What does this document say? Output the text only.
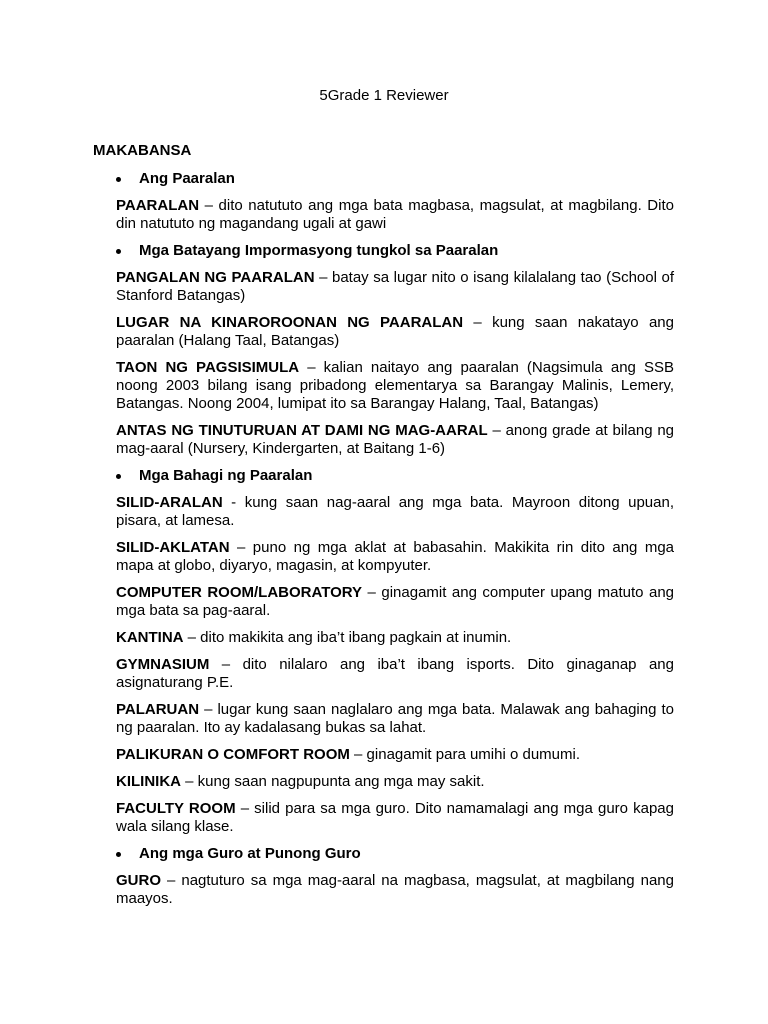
5Grade 1 Reviewer
MAKABANSA
Ang Paaralan
PAARALAN – dito natututo ang mga bata magbasa, magsulat, at magbilang. Dito din natututo ng magandang ugali at gawi
Mga Batayang Impormasyong tungkol sa Paaralan
PANGALAN NG PAARALAN – batay sa lugar nito o isang kilalalang tao (School of Stanford Batangas)
LUGAR NA KINAROROONAN NG PAARALAN – kung saan nakatayo ang paaralan (Halang Taal, Batangas)
TAON NG PAGSISIMULA – kalian naitayo ang paaralan (Nagsimula ang SSB noong 2003 bilang isang pribadong elementarya sa Barangay Malinis, Lemery, Batangas. Noong 2004, lumipat ito sa Barangay Halang, Taal, Batangas)
ANTAS NG TINUTURUAN AT DAMI NG MAG-AARAL – anong grade at bilang ng mag-aaral (Nursery, Kindergarten, at Baitang 1-6)
Mga Bahagi ng Paaralan
SILID-ARALAN - kung saan nag-aaral ang mga bata. Mayroon ditong upuan, pisara, at lamesa.
SILID-AKLATAN – puno ng mga aklat at babasahin. Makikita rin dito ang mga mapa at globo, diyaryo, magasin, at kompyuter.
COMPUTER ROOM/LABORATORY – ginagamit ang computer upang matuto ang mga bata sa pag-aaral.
KANTINA – dito makikita ang iba’t ibang pagkain at inumin.
GYMNASIUM – dito nilalaro ang iba’t ibang isports. Dito ginaganap ang asignaturang P.E.
PALARUAN – lugar kung saan naglalaro ang mga bata. Malawak ang bahaging to ng paaralan. Ito ay kadalasang bukas sa lahat.
PALIKURAN O COMFORT ROOM – ginagamit para umihi o dumumi.
KILINIKA – kung saan nagpupunta ang mga may sakit.
FACULTY ROOM – silid para sa mga guro. Dito namamalagi ang mga guro kapag wala silang klase.
Ang mga Guro at Punong Guro
GURO – nagtuturo sa mga mag-aaral na magbasa, magsulat, at magbilang nang maayos.
